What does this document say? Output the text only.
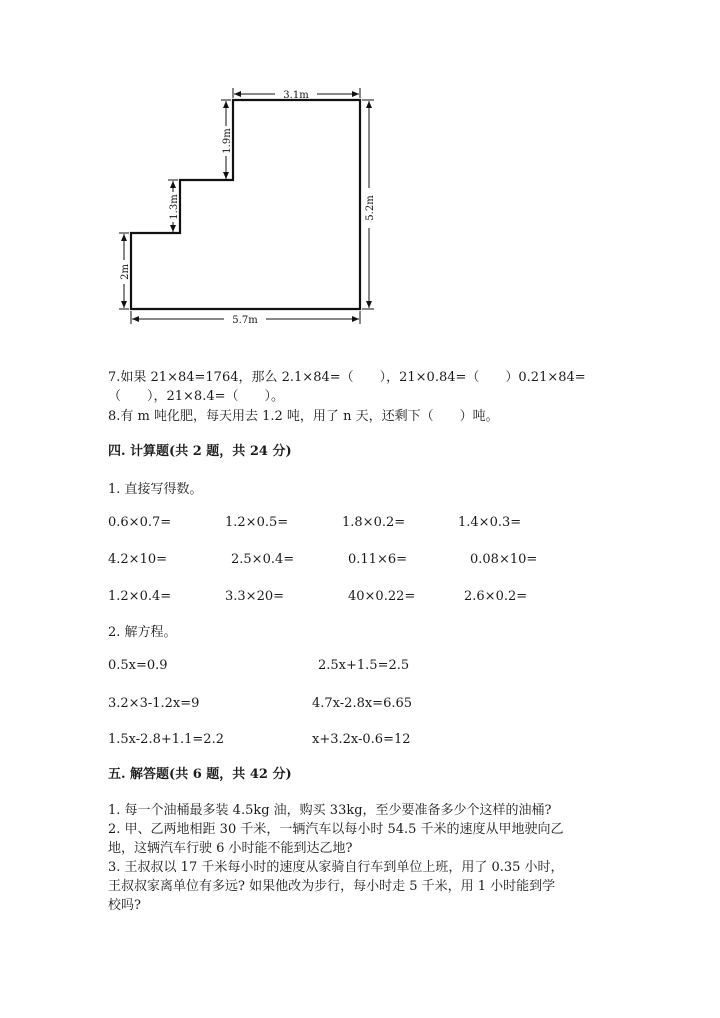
3.1m
5.2m
5.7m
2m
1.3m
1.9m
7.如果 21×84=1764，那么 2.1×84=（　　），21×0.84=（　　）0.21×84=
（　　），21×8.4=（　　）。
8.有 m 吨化肥，每天用去 1.2 吨，用了 n 天，还剩下（　　）吨。
四. 计算题(共 2 题，共 24 分)
1. 直接写得数。
0.6×0.7=	1.2×0.5=	1.8×0.2=	1.4×0.3=
4.2×10=	2.5×0.4=	0.11×6=	0.08×10=
1.2×0.4=	3.3×20=	40×0.22=	2.6×0.2=
2. 解方程。
0.5x=0.9	2.5x+1.5=2.5
3.2×3-1.2x=9	4.7x-2.8x=6.65
1.5x-2.8+1.1=2.2	x+3.2x-0.6=12
五. 解答题(共 6 题，共 42 分)
1. 每一个油桶最多装 4.5kg 油，购买 33kg，至少要准备多少个这样的油桶?
2. 甲、乙两地相距 30 千米，一辆汽车以每小时 54.5 千米的速度从甲地驶向乙
地，这辆汽车行驶 6 小时能不能到达乙地?
3. 王叔叔以 17 千米每小时的速度从家骑自行车到单位上班，用了 0.35 小时，
王叔叔家离单位有多远? 如果他改为步行，每小时走 5 千米，用 1 小时能到学
校吗?
